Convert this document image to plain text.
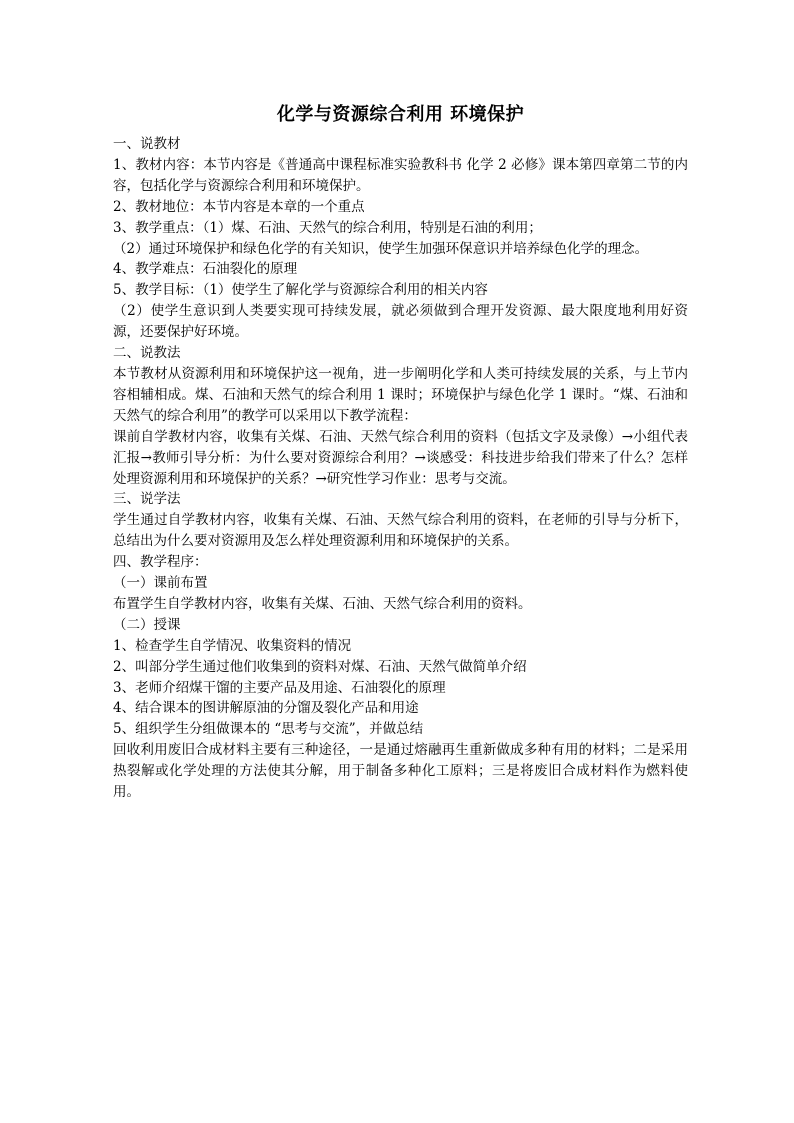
化学与资源综合利用 环境保护
一、说教材
1、教材内容：本节内容是《普通高中课程标准实验教科书 化学 2 必修》课本第四章第二节的内容，包括化学与资源综合利用和环境保护。
2、教材地位：本节内容是本章的一个重点
3、教学重点：（1）煤、石油、天然气的综合利用，特别是石油的利用；
（2）通过环境保护和绿色化学的有关知识，使学生加强环保意识并培养绿色化学的理念。
4、教学难点：石油裂化的原理
5、教学目标：（1）使学生了解化学与资源综合利用的相关内容
（2）使学生意识到人类要实现可持续发展，就必须做到合理开发资源、最大限度地利用好资源，还要保护好环境。
二、说教法
本节教材从资源利用和环境保护这一视角，进一步阐明化学和人类可持续发展的关系，与上节内容相辅相成。煤、石油和天然气的综合利用 1 课时；环境保护与绿色化学 1 课时。“煤、石油和天然气的综合利用”的教学可以采用以下教学流程：
课前自学教材内容，收集有关煤、石油、天然气综合利用的资料（包括文字及录像）→小组代表汇报→教师引导分析：为什么要对资源综合利用？→谈感受：科技进步给我们带来了什么？怎样处理资源利用和环境保护的关系？→研究性学习作业：思考与交流。
三、说学法
学生通过自学教材内容，收集有关煤、石油、天然气综合利用的资料，在老师的引导与分析下，总结出为什么要对资源用及怎么样处理资源利用和环境保护的关系。
四、教学程序：
（一）课前布置
布置学生自学教材内容，收集有关煤、石油、天然气综合利用的资料。
（二）授课
1、检查学生自学情况、收集资料的情况
2、叫部分学生通过他们收集到的资料对煤、石油、天然气做简单介绍
3、老师介绍煤干馏的主要产品及用途、石油裂化的原理
4、结合课本的图讲解原油的分馏及裂化产品和用途
5、组织学生分组做课本的 “思考与交流”，并做总结
回收利用废旧合成材料主要有三种途径，一是通过熔融再生重新做成多种有用的材料；二是采用热裂解或化学处理的方法使其分解，用于制备多种化工原料；三是将废旧合成材料作为燃料使用。
